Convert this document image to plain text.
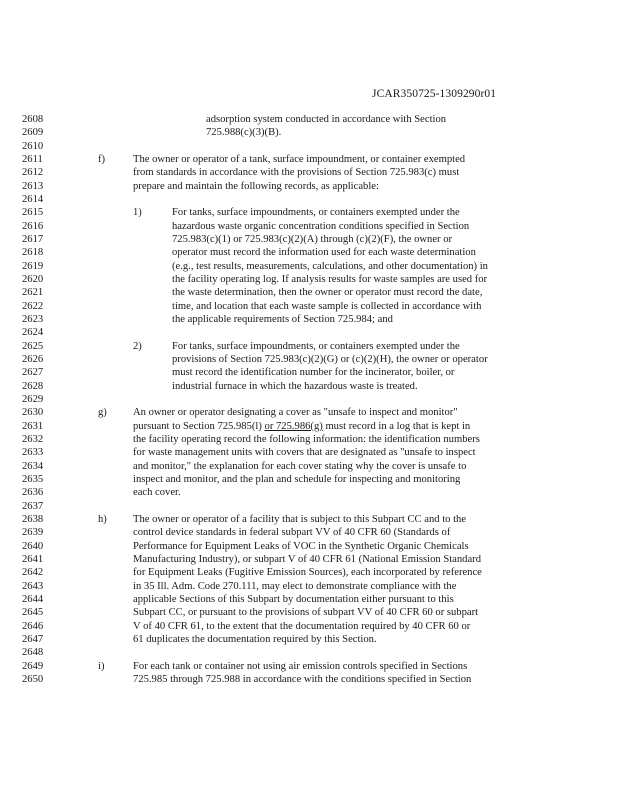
· ·
JCAR350725-1309290r01
2608	adsorption system conducted in accordance with Section
2609	725.988(c)(3)(B).
2610
2611	f)	The owner or operator of a tank, surface impoundment, or container exempted
2612	from standards in accordance with the provisions of Section 725.983(c) must
2613	prepare and maintain the following records, as applicable:
2614
2615	1)	For tanks, surface impoundments, or containers exempted under the
2616	hazardous waste organic concentration conditions specified in Section
2617	725.983(c)(1) or 725.983(c)(2)(A) through (c)(2)(F), the owner or
2618	operator must record the information used for each waste determination
2619	(e.g., test results, measurements, calculations, and other documentation) in
2620	the facility operating log. If analysis results for waste samples are used for
2621	the waste determination, then the owner or operator must record the date,
2622	time, and location that each waste sample is collected in accordance with
2623	the applicable requirements of Section 725.984; and
2624
2625	2)	For tanks, surface impoundments, or containers exempted under the
2626	provisions of Section 725.983(c)(2)(G) or (c)(2)(H), the owner or operator
2627	must record the identification number for the incinerator, boiler, or
2628	industrial furnace in which the hazardous waste is treated.
2629
2630	g) An owner or operator designating a cover as "unsafe to inspect and monitor"
2631	pursuant to Section 725.985(l) or 725.986(g) must record in a log that is kept in
2632	the facility operating record the following information: the identification numbers
2633	for waste management units with covers that are designated as "unsafe to inspect
2634	and monitor," the explanation for each cover stating why the cover is unsafe to
2635	inspect and monitor, and the plan and schedule for inspecting and monitoring
2636	each cover.
2637
2638	h) The owner or operator of a facility that is subject to this Subpart CC and to the
2639	control device standards in federal subpart VV of 40 CFR 60 (Standards of
2640	Performance for Equipment Leaks of VOC in the Synthetic Organic Chemicals
2641	Manufacturing Industry), or subpart V of 40 CFR 61 (National Emission Standard
2642	for Equipment Leaks (Fugitive Emission Sources), each incorporated by reference
2643	in 35 Ill. Adm. Code 270.111, may elect to demonstrate compliance with the
2644	applicable Sections of this Subpart by documentation either pursuant to this
2645	Subpart CC, or pursuant to the provisions of subpart VV of 40 CFR 60 or subpart
2646	V of 40 CFR 61, to the extent that the documentation required by 40 CFR 60 or
2647	61 duplicates the documentation required by this Section.
2648
2649	i)	For each tank or container not using air emission controls specified in Sections
2650	725.985 through 725.988 in accordance with the conditions specified in Section
